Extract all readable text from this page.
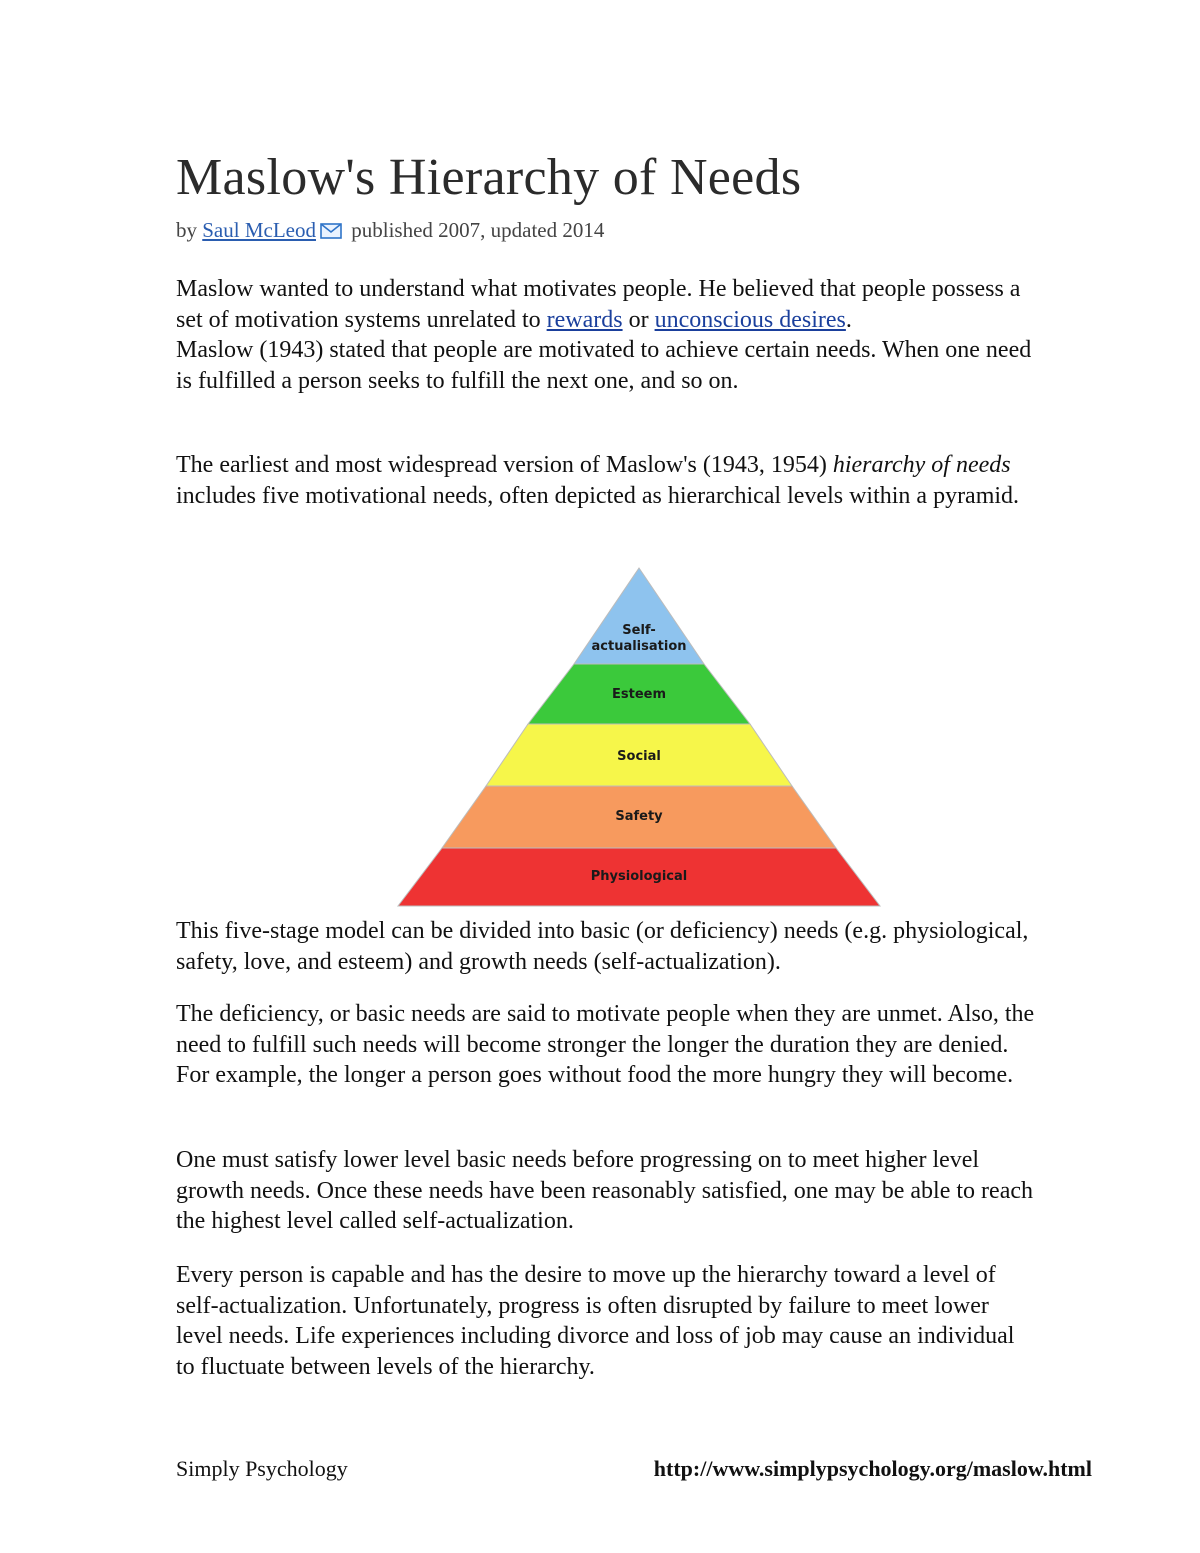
Maslow's Hierarchy of Needs
by Saul McLeod published 2007, updated 2014

Maslow wanted to understand what motivates people. He believed that people possess a set of motivation systems unrelated to rewards or unconscious desires.
Maslow (1943) stated that people are motivated to achieve certain needs. When one need is fulfilled a person seeks to fulfill the next one, and so on.

The earliest and most widespread version of Maslow's (1943, 1954) hierarchy of needs includes five motivational needs, often depicted as hierarchical levels within a pyramid.

Self-
actualisation
Esteem
Social
Safety
Physiological

This five-stage model can be divided into basic (or deficiency) needs (e.g. physiological, safety, love, and esteem) and growth needs (self-actualization).

The deficiency, or basic needs are said to motivate people when they are unmet. Also, the need to fulfill such needs will become stronger the longer the duration they are denied. For example, the longer a person goes without food the more hungry they will become.

One must satisfy lower level basic needs before progressing on to meet higher level growth needs. Once these needs have been reasonably satisfied, one may be able to reach the highest level called self-actualization.

Every person is capable and has the desire to move up the hierarchy toward a level of self-actualization. Unfortunately, progress is often disrupted by failure to meet lower level needs. Life experiences including divorce and loss of job may cause an individual to fluctuate between levels of the hierarchy.

Simply Psychology	http://www.simplypsychology.org/maslow.html
